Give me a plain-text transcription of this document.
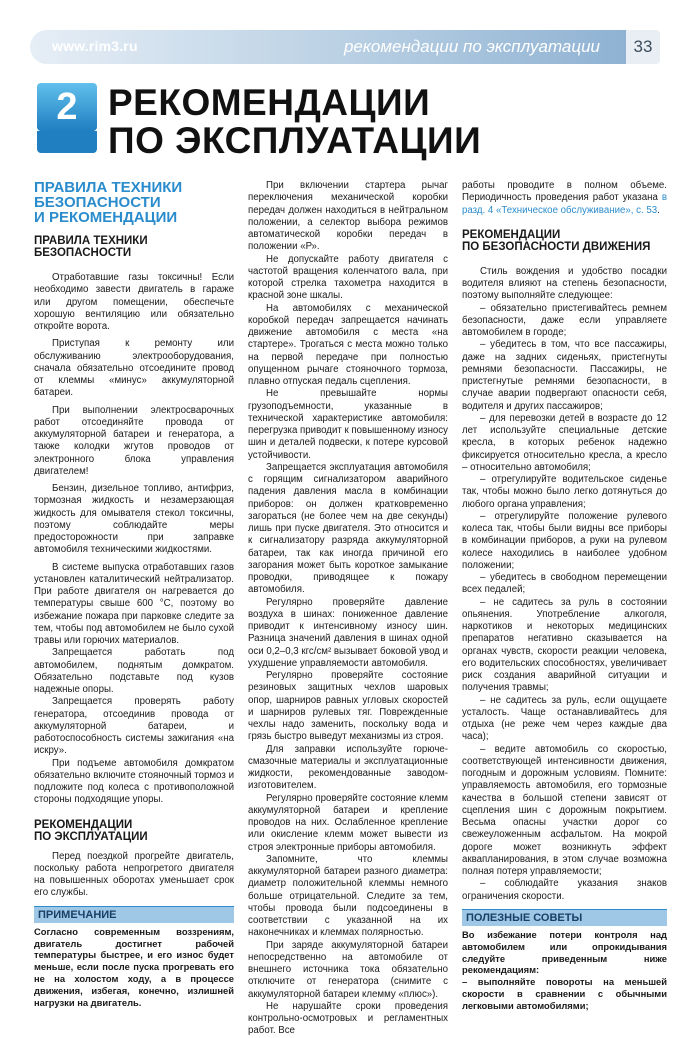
www.rim3.ru	рекомендации по эксплуатации	33
2 РЕКОМЕНДАЦИИ
ПО ЭКСПЛУАТАЦИИ
ПРАВИЛА ТЕХНИКИ
БЕЗОПАСНОСТИ
И РЕКОМЕНДАЦИИ
ПРАВИЛА ТЕХНИКИ
БЕЗОПАСНОСТИ

Отработавшие газы токсичны! Если необходимо завести двигатель в гараже или другом помещении, обеспечьте хорошую вентиляцию или обязательно откройте ворота.

Приступая к ремонту или обслуживанию электрооборудования, сначала обязательно отсоедините провод от клеммы «минус» аккумуляторной батареи.

При выполнении электросварочных работ отсоединяйте провода от аккумуляторной батареи и генератора, а также колодки жгутов проводов от электронного блока управления двигателем!

Бензин, дизельное топливо, антифриз, тормозная жидкость и незамерзающая жидкость для омывателя стекол токсичны, поэтому соблюдайте меры предосторожности при заправке автомобиля техническими жидкостями.

В системе выпуска отработавших газов установлен каталитический нейтрализатор. При работе двигателя он нагревается до температуры свыше 600 °С, поэтому во избежание пожара при парковке следите за тем, чтобы под автомобилем не было сухой травы или горючих материалов.

Запрещается работать под автомобилем, поднятым домкратом. Обязательно подставьте под кузов надежные опоры.

Запрещается проверять работу генератора, отсоединив провода от аккумуляторной батареи, и работоспособность системы зажигания «на искру».

При подъеме автомобиля домкратом обязательно включите стояночный тормоз и подложите под колеса с противоположной стороны подходящие упоры.

РЕКОМЕНДАЦИИ
ПО ЭКСПЛУАТАЦИИ

Перед поездкой прогрейте двигатель, поскольку работа непрогретого двигателя на повышенных оборотах уменьшает срок его службы.

ПРИМЕЧАНИЕ
Согласно современным воззрениям, двигатель достигнет рабочей температуры быстрее, и его износ будет меньше, если после пуска прогревать его не на холостом ходу, а в процессе движения, избегая, конечно, излишней нагрузки на двигатель.

При включении стартера рычаг переключения механической коробки передач должен находиться в нейтральном положении, а селектор выбора режимов автоматической коробки передач в положении «Р».

Не допускайте работу двигателя с частотой вращения коленчатого вала, при которой стрелка тахометра находится в красной зоне шкалы.

На автомобилях с механической коробкой передач запрещается начинать движение автомобиля с места «на стартере». Трогаться с места можно только на первой передаче при полностью опущенном рычаге стояночного тормоза, плавно отпуская педаль сцепления.

Не превышайте нормы грузоподъемности, указанные в технической характеристике автомобиля: перегрузка приводит к повышенному износу шин и деталей подвески, к потере курсовой устойчивости.

Запрещается эксплуатация автомобиля с горящим сигнализатором аварийного падения давления масла в комбинации приборов: он должен кратковременно загораться (не более чем на две секунды) лишь при пуске двигателя. Это относится и к сигнализатору разряда аккумуляторной батареи, так как иногда причиной его загорания может быть короткое замыкание проводки, приводящее к пожару автомобиля.

Регулярно проверяйте давление воздуха в шинах: пониженное давление приводит к интенсивному износу шин. Разница значений давления в шинах одной оси 0,2–0,3 кгс/см² вызывает боковой увод и ухудшение управляемости автомобиля.

Регулярно проверяйте состояние резиновых защитных чехлов шаровых опор, шарниров равных угловых скоростей и шарниров рулевых тяг. Поврежденные чехлы надо заменить, поскольку вода и грязь быстро выведут механизмы из строя.

Для заправки используйте горюче-смазочные материалы и эксплуатационные жидкости, рекомендованные заводом-изготовителем.

Регулярно проверяйте состояние клемм аккумуляторной батареи и крепление проводов на них. Ослабленное крепление или окисление клемм может вывести из строя электронные приборы автомобиля.

Запомните, что клеммы аккумуляторной батареи разного диаметра: диаметр положительной клеммы немного больше отрицательной. Следите за тем, чтобы провода были подсоединены в соответствии с указанной на их наконечниках и клеммах полярностью.

При заряде аккумуляторной батареи непосредственно на автомобиле от внешнего источника тока обязательно отключите от генератора (снимите с аккумуляторной батареи клемму «плюс»).

Не нарушайте сроки проведения контрольно-осмотровых и регламентных работ. Все

работы проводите в полном объеме. Периодичность проведения работ указана в разд. 4 «Техническое обслуживание», с. 53.

РЕКОМЕНДАЦИИ
ПО БЕЗОПАСНОСТИ ДВИЖЕНИЯ

Стиль вождения и удобство посадки водителя влияют на степень безопасности, поэтому выполняйте следующее:

– обязательно пристегивайтесь ремнем безопасности, даже если управляете автомобилем в городе;

– убедитесь в том, что все пассажиры, даже на задних сиденьях, пристегнуты ремнями безопасности. Пассажиры, не пристегнутые ремнями безопасности, в случае аварии подвергают опасности себя, водителя и других пассажиров;

– для перевозки детей в возрасте до 12 лет используйте специальные детские кресла, в которых ребенок надежно фиксируется относительно кресла, а кресло – относительно автомобиля;

– отрегулируйте водительское сиденье так, чтобы можно было легко дотянуться до любого органа управления;

– отрегулируйте положение рулевого колеса так, чтобы были видны все приборы в комбинации приборов, а руки на рулевом колесе находились в наиболее удобном положении;

– убедитесь в свободном перемещении всех педалей;

– не садитесь за руль в состоянии опьянения. Употребление алкоголя, наркотиков и некоторых медицинских препаратов негативно сказывается на органах чувств, скорости реакции человека, его водительских способностях, увеличивает риск создания аварийной ситуации и получения травмы;

– не садитесь за руль, если ощущаете усталость. Чаще останавливайтесь для отдыха (не реже чем через каждые два часа);

– ведите автомобиль со скоростью, соответствующей интенсивности движения, погодным и дорожным условиям. Помните: управляемость автомобиля, его тормозные качества в большой степени зависят от сцепления шин с дорожным покрытием. Весьма опасны участки дорог со свежеуложенным асфальтом. На мокрой дороге может возникнуть эффект аквапланирования, в этом случае возможна полная потеря управляемости;

– соблюдайте указания знаков ограничения скорости.

ПОЛЕЗНЫЕ СОВЕТЫ
Во избежание потери контроля над автомобилем или опрокидывания следуйте приведенным ниже рекомендациям:
– выполняйте повороты на меньшей скорости в сравнении с обычными легковыми автомобилями;
